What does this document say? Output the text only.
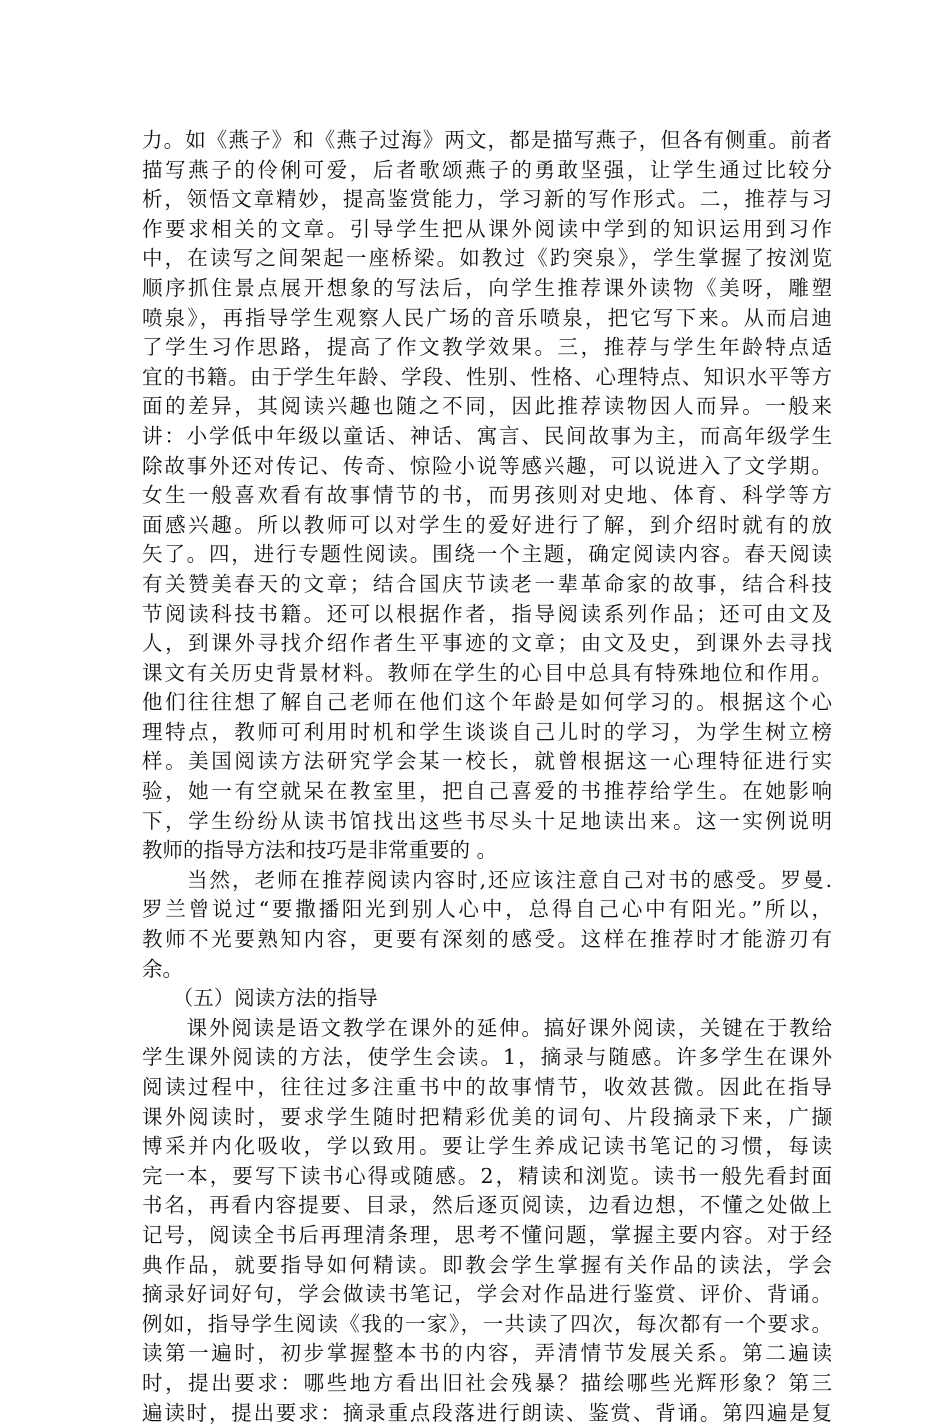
力。如《燕子》和《燕子过海》两文，都是描写燕子，但各有侧重。前者
描写燕子的伶俐可爱，后者歌颂燕子的勇敢坚强，让学生通过比较分
析，领悟文章精妙，提高鉴赏能力，学习新的写作形式。二，推荐与习
作要求相关的文章。引导学生把从课外阅读中学到的知识运用到习作
中，在读写之间架起一座桥梁。如教过《趵突泉》，学生掌握了按浏览
顺序抓住景点展开想象的写法后，向学生推荐课外读物《美呀，雕塑
喷泉》，再指导学生观察人民广场的音乐喷泉，把它写下来。从而启迪
了学生习作思路，提高了作文教学效果。三，推荐与学生年龄特点适
宜的书籍。由于学生年龄、学段、性别、性格、心理特点、知识水平等方
面的差异，其阅读兴趣也随之不同，因此推荐读物因人而异。一般来
讲：小学低中年级以童话、神话、寓言、民间故事为主，而高年级学生
除故事外还对传记、传奇、惊险小说等感兴趣，可以说进入了文学期。
女生一般喜欢看有故事情节的书，而男孩则对史地、体育、科学等方
面感兴趣。所以教师可以对学生的爱好进行了解，到介绍时就有的放
矢了。四，进行专题性阅读。围绕一个主题，确定阅读内容。春天阅读
有关赞美春天的文章；结合国庆节读老一辈革命家的故事，结合科技
节阅读科技书籍。还可以根据作者，指导阅读系列作品；还可由文及
人，到课外寻找介绍作者生平事迹的文章；由文及史，到课外去寻找
课文有关历史背景材料。教师在学生的心目中总具有特殊地位和作用。
他们往往想了解自己老师在他们这个年龄是如何学习的。根据这个心
理特点，教师可利用时机和学生谈谈自己儿时的学习，为学生树立榜
样。美国阅读方法研究学会某一校长，就曾根据这一心理特征进行实
验，她一有空就呆在教室里，把自己喜爱的书推荐给学生。在她影响
下，学生纷纷从读书馆找出这些书尽头十足地读出来。这一实例说明
教师的指导方法和技巧是非常重要的 。
　　当然，老师在推荐阅读内容时,还应该注意自己对书的感受。罗曼.
罗兰曾说过“要撒播阳光到别人心中，总得自己心中有阳光。”所以，
教师不光要熟知内容，更要有深刻的感受。这样在推荐时才能游刃有
余。
　　（五）阅读方法的指导
　　课外阅读是语文教学在课外的延伸。搞好课外阅读，关键在于教给
学生课外阅读的方法，使学生会读。1，摘录与随感。许多学生在课外
阅读过程中，往往过多注重书中的故事情节，收效甚微。因此在指导
课外阅读时，要求学生随时把精彩优美的词句、片段摘录下来，广撷
博采并内化吸收，学以致用。要让学生养成记读书笔记的习惯，每读
完一本，要写下读书心得或随感。2，精读和浏览。读书一般先看封面
书名，再看内容提要、目录，然后逐页阅读，边看边想，不懂之处做上
记号，阅读全书后再理清条理，思考不懂问题，掌握主要内容。对于经
典作品，就要指导如何精读。即教会学生掌握有关作品的读法，学会
摘录好词好句，学会做读书笔记，学会对作品进行鉴赏、评价、背诵。
例如，指导学生阅读《我的一家》，一共读了四次，每次都有一个要求。
读第一遍时，初步掌握整本书的内容，弄清情节发展关系。第二遍读
时，提出要求：哪些地方看出旧社会残暴？描绘哪些光辉形象？第三
遍读时，提出要求：摘录重点段落进行朗读、鉴赏、背诵。第四遍是复
